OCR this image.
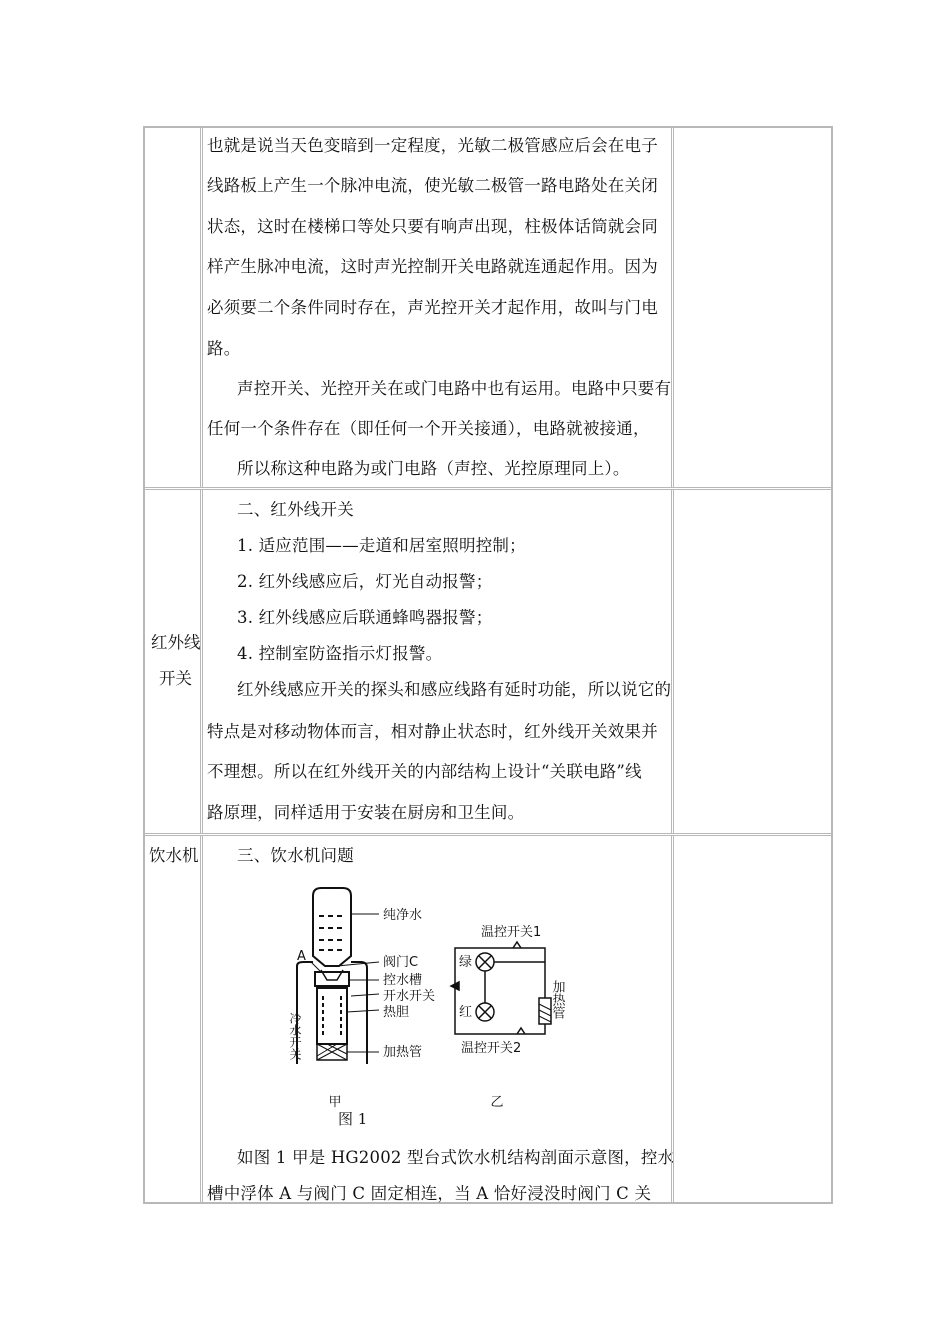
也就是说当天色变暗到一定程度，光敏二极管感应后会在电子
线路板上产生一个脉冲电流，使光敏二极管一路电路处在关闭
状态，这时在楼梯口等处只要有响声出现，柱极体话筒就会同
样产生脉冲电流，这时声光控制开关电路就连通起作用。因为
必须要二个条件同时存在，声光控开关才起作用，故叫与门电
路。
声控开关、光控开关在或门电路中也有运用。电路中只要有
任何一个条件存在（即任何一个开关接通），电路就被接通，
所以称这种电路为或门电路（声控、光控原理同上）。
红外线
开关
二、红外线开关
1. 适应范围——走道和居室照明控制；
2. 红外线感应后，灯光自动报警；
3. 红外线感应后联通蜂鸣器报警；
4. 控制室防盗指示灯报警。
红外线感应开关的探头和感应线路有延时功能，所以说它的
特点是对移动物体而言，相对静止状态时，红外线开关效果并
不理想。所以在红外线开关的内部结构上设计“关联电路”线
路原理，同样适用于安装在厨房和卫生间。
饮水机 三、饮水机问题
纯净水
A	阀门C
控水槽
开水开关
热胆
加热管
冷水开关
甲
温控开关1
绿
红	加热管
温控开关2
乙
图 1
如图 1 甲是 HG2002 型台式饮水机结构剖面示意图，控水
槽中浮体 A 与阀门 C 固定相连，当 A 恰好浸没时阀门 C 关
